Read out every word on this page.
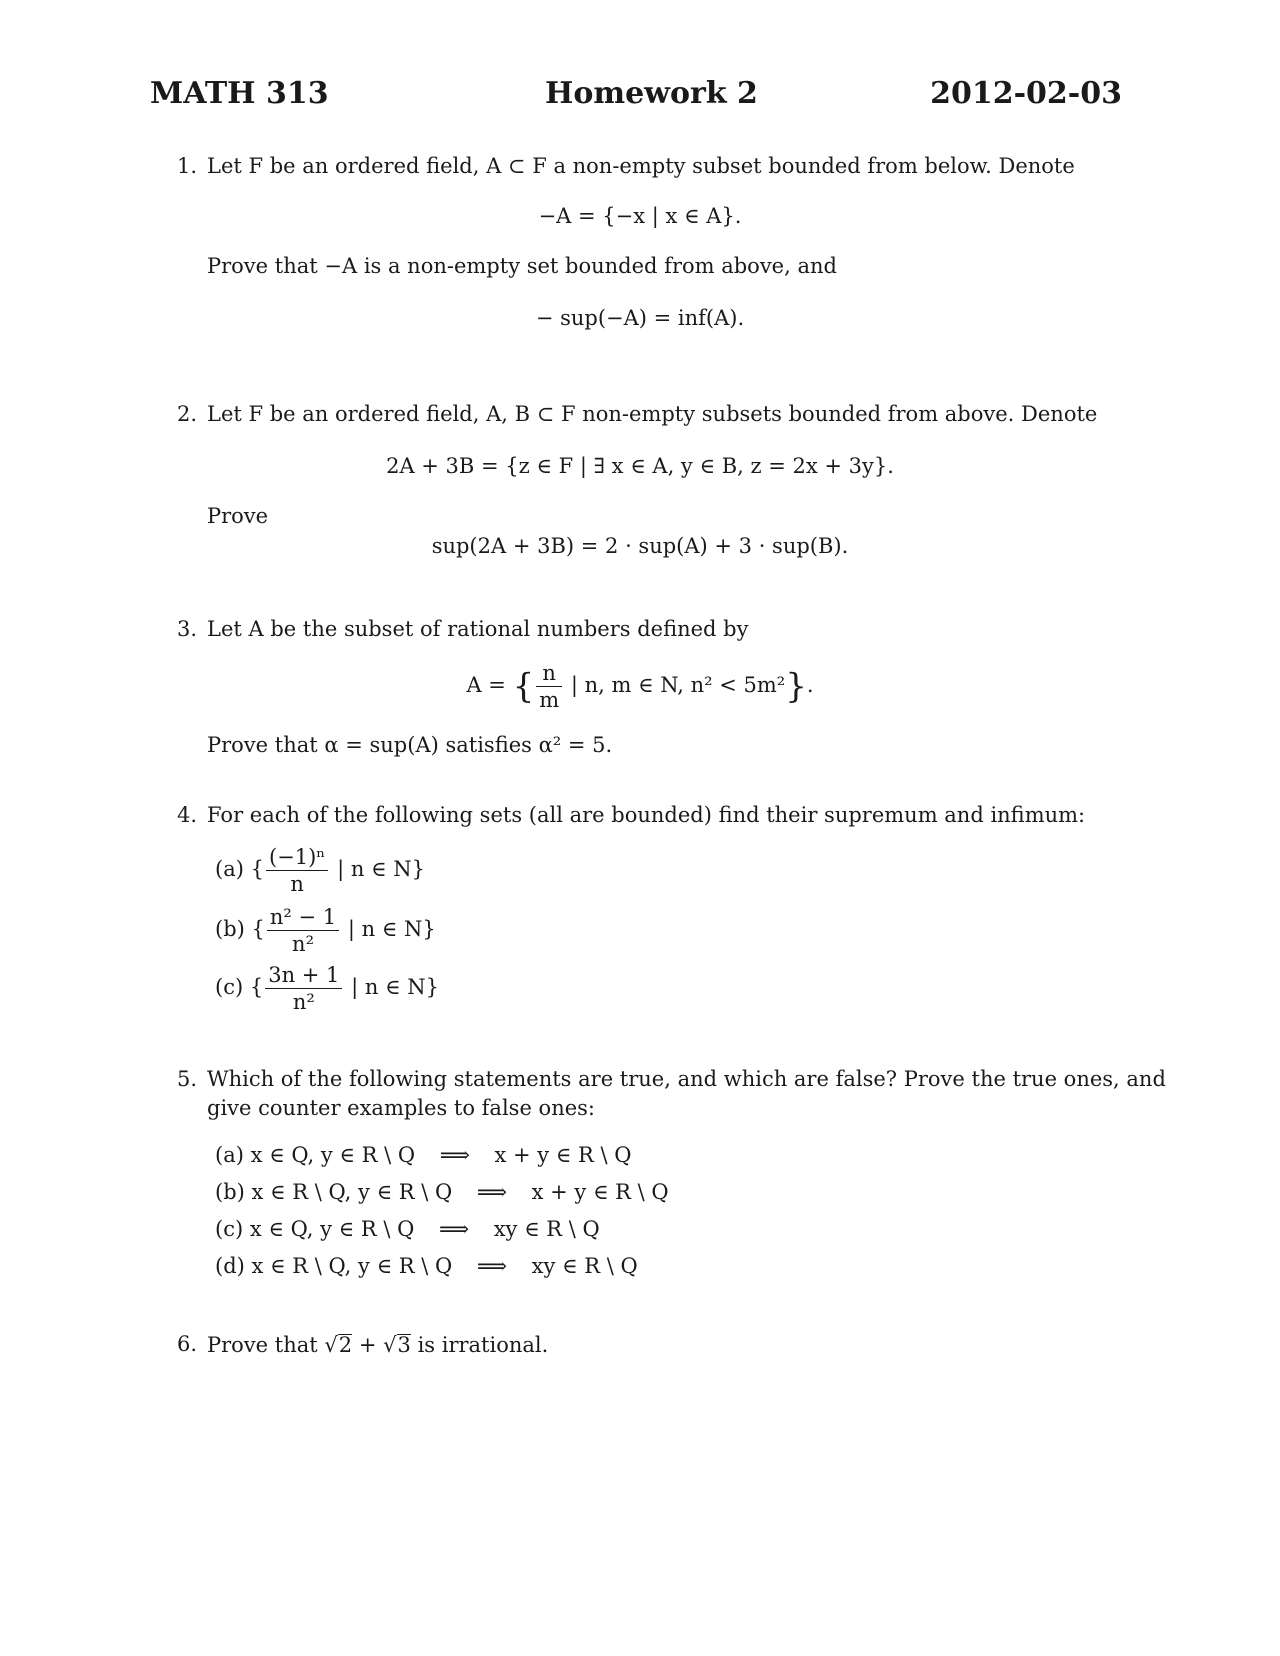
MATH 313	Homework 2	2012-02-03
1. Let F be an ordered field, A ⊂ F a non-empty subset bounded from below. Denote
−A = {−x | x ∈ A}.
Prove that −A is a non-empty set bounded from above, and
− sup(−A) = inf(A).
2. Let F be an ordered field, A, B ⊂ F non-empty subsets bounded from above. Denote
2A + 3B = {z ∈ F | ∃ x ∈ A, y ∈ B, z = 2x + 3y}.
Prove
sup(2A + 3B) = 2 · sup(A) + 3 · sup(B).
3. Let A be the subset of rational numbers defined by
A = { $\frac{n}{m}$ | n, m ∈ N, n² < 5m²}.
Prove that α = sup(A) satisfies α² = 5.
4. For each of the following sets (all are bounded) find their supremum and infimum:
(a) { $\frac{\text{(−1)ⁿ}}{n}$ | n ∈ N}
(b) { $\frac{\text{n² − 1}}{\text{n²}}$ | n ∈ N}
(c) { $\frac{3n + 1}{\text{n²}}$ | n ∈ N}
5. Which of the following statements are true, and which are false? Prove the true ones, and
give counter examples to false ones:
(a) x ∈ Q, y ∈ R \ Q ⟹ x + y ∈ R \ Q
(b) x ∈ R \ Q, y ∈ R \ Q ⟹ x + y ∈ R \ Q
(c) x ∈ Q, y ∈ R \ Q ⟹ xy ∈ R \ Q
(d) x ∈ R \ Q, y ∈ R \ Q ⟹ xy ∈ R \ Q
6. Prove that √2 + √3 is irrational.
